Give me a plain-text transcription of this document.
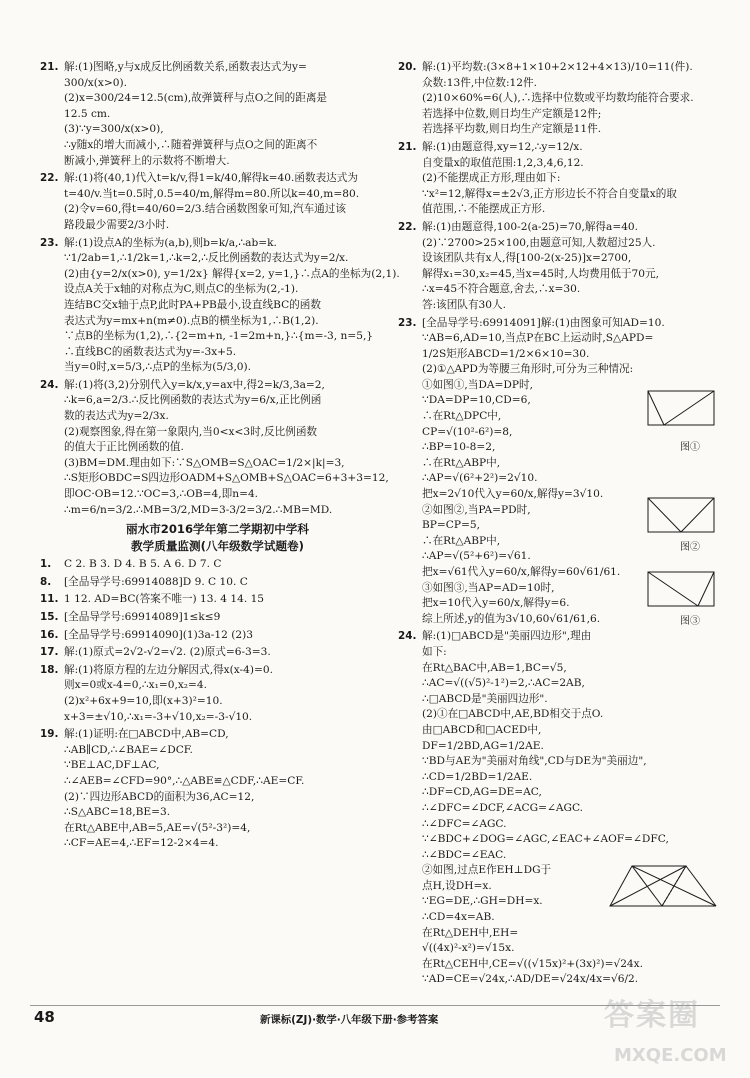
21. 解:(1)图略,y与x成反比例函数关系,函数表达式为y=
300/x(x>0).
(2)x=300/24=12.5(cm),故弹簧秤与点O之间的距离是
12.5 cm.
(3)∵y=300/x(x>0),
∴y随x的增大而减小,∴随着弹簧秤与点O之间的距离不
断减小,弹簧秤上的示数将不断增大.
22. 解:(1)将(40,1)代入t=k/v,得1=k/40,解得k=40.函数表达式为
t=40/v.当t=0.5时,0.5=40/m,解得m=80.所以k=40,m=80.
(2)令v=60,得t=40/60=2/3.结合函数图象可知,汽车通过该
路段最少需要2/3小时.
23. 解:(1)设点A的坐标为(a,b),则b=k/a,∴ab=k.
∵1/2ab=1,∴1/2k=1,∴k=2,∴反比例函数的表达式为y=2/x.
(2)由{y=2/x(x>0), y=1/2x} 解得{x=2, y=1,}∴点A的坐标为(2,1).
设点A关于x轴的对称点为C,则点C的坐标为(2,-1).
连结BC交x轴于点P,此时PA+PB最小,设直线BC的函数
表达式为y=mx+n(m≠0).点B的横坐标为1,∴B(1,2).
∵点B的坐标为(1,2),∴{2=m+n, -1=2m+n,}∴{m=-3, n=5,}
∴直线BC的函数表达式为y=-3x+5.
当y=0时,x=5/3,∴点P的坐标为(5/3,0).
24. 解:(1)将(3,2)分别代入y=k/x,y=ax中,得2=k/3,3a=2,
∴k=6,a=2/3.∴反比例函数的表达式为y=6/x,正比例函
数的表达式为y=2/3x.
(2)观察图象,得在第一象限内,当0<x<3时,反比例函数
的值大于正比例函数的值.
(3)BM=DM.理由如下:∵S△OMB=S△OAC=1/2×|k|=3,
∴S矩形OBDC=S四边形OADM+S△OMB+S△OAC=6+3+3=12,
即OC·OB=12.∵OC=3,∴OB=4,即n=4.
∴m=6/n=3/2.∴MB=3/2,MD=3-3/2=3/2.∴MB=MD.
丽水市2016学年第二学期初中学科
教学质量监测(八年级数学试题卷)
1. C 2. B 3. D 4. B 5. A 6. D 7. C
8. [全品导学号:69914088]D 9. C 10. C
11. 1 12. AD=BC(答案不唯一) 13. 4 14. 15
15. [全品导学号:69914089]1≤k≤9
16. [全品导学号:69914090](1)3a-12 (2)3
17. 解:(1)原式=2√2-√2=√2. (2)原式=6-3=3.
18. 解:(1)将原方程的左边分解因式,得x(x-4)=0.
则x=0或x-4=0,∴x₁=0,x₂=4.
(2)x²+6x+9=10,即(x+3)²=10.
x+3=±√10,∴x₁=-3+√10,x₂=-3-√10.
19. 解:(1)证明:在□ABCD中,AB=CD,
∴AB∥CD,∴∠BAE=∠DCF.
∵BE⊥AC,DF⊥AC,
∴∠AEB=∠CFD=90°,∴△ABE≌△CDF,∴AE=CF.
(2)∵四边形ABCD的面积为36,AC=12,
∴S△ABC=18,BE=3.
在Rt△ABE中,AB=5,AE=√(5²-3²)=4,
∴CF=AE=4,∴EF=12-2×4=4.
20. 解:(1)平均数:(3×8+1×10+2×12+4×13)/10=11(件).
众数:13件,中位数:12件.
(2)10×60%=6(人),∴选择中位数或平均数均能符合要求.
若选择中位数,则日均生产定额是12件;
若选择平均数,则日均生产定额是11件.
21. 解:(1)由题意得,xy=12,∴y=12/x.
自变量x的取值范围:1,2,3,4,6,12.
(2)不能摆成正方形,理由如下:
∵x²=12,解得x=±2√3,正方形边长不符合自变量x的取
值范围,∴不能摆成正方形.
22. 解:(1)由题意得,100-2(a-25)=70,解得a=40.
(2)∵2700>25×100,由题意可知,人数超过25人.
设该团队共有x人,得[100-2(x-25)]x=2700,
解得x₁=30,x₂=45,当x=45时,人均费用低于70元,
∴x=45不符合题意,舍去,∴x=30.
答:该团队有30人.
23. [全品导学号:69914091]解:(1)由图象可知AD=10.
∵AB=6,AD=10,当点P在BC上运动时,S△APD=
1/2S矩形ABCD=1/2×6×10=30.
(2)①△APD为等腰三角形时,可分为三种情况:
①如图①,当DA=DP时,
∵DA=DP=10,CD=6,
∴在Rt△DPC中,
CP=√(10²-6²)=8,
∴BP=10-8=2,
∴在Rt△ABP中,
∴AP=√(6²+2²)=2√10.
把x=2√10代入y=60/x,解得y=3√10.
②如图②,当PA=PD时,
BP=CP=5,
∴在Rt△ABP中,
∴AP=√(5²+6²)=√61.
把x=√61代入y=60/x,解得y=60√61/61.
③如图③,当AP=AD=10时,
把x=10代入y=60/x,解得y=6.
综上所述,y的值为3√10,60√61/61,6.
24. 解:(1)□ABCD是"美丽四边形",理由
如下:
在Rt△BAC中,AB=1,BC=√5,
∴AC=√((√5)²-1²)=2,∴AC=2AB,
∴□ABCD是"美丽四边形".
(2)①在□ABCD中,AE,BD相交于点O.
由□ABCD和□ACED中,
DF=1/2BD,AG=1/2AE.
∵BD与AE为"美丽对角线",CD与DE为"美丽边",
∴CD=1/2BD=1/2AE.
∴DF=CD,AG=DE=AC,
∴∠DFC=∠DCF,∠ACG=∠AGC.
∴∠DFC=∠AGC.
∵∠BDC+∠DOG=∠AGC,∠EAC+∠AOF=∠DFC,
∴∠BDC=∠EAC.
②如图,过点E作EH⊥DG于
点H,设DH=x.
∵EG=DE,∴GH=DH=x.
∴CD=4x=AB.
在Rt△DEH中,EH=
√((4x)²-x²)=√15x.
在Rt△CEH中,CE=√((√15x)²+(3x)²)=√24x.
∵AD=CE=√24x,∴AD/DE=√24x/4x=√6/2.
图①
图②
图③
48	新课标(ZJ)·数学·八年级下册·参考答案	答案圈
MXQE.COM
